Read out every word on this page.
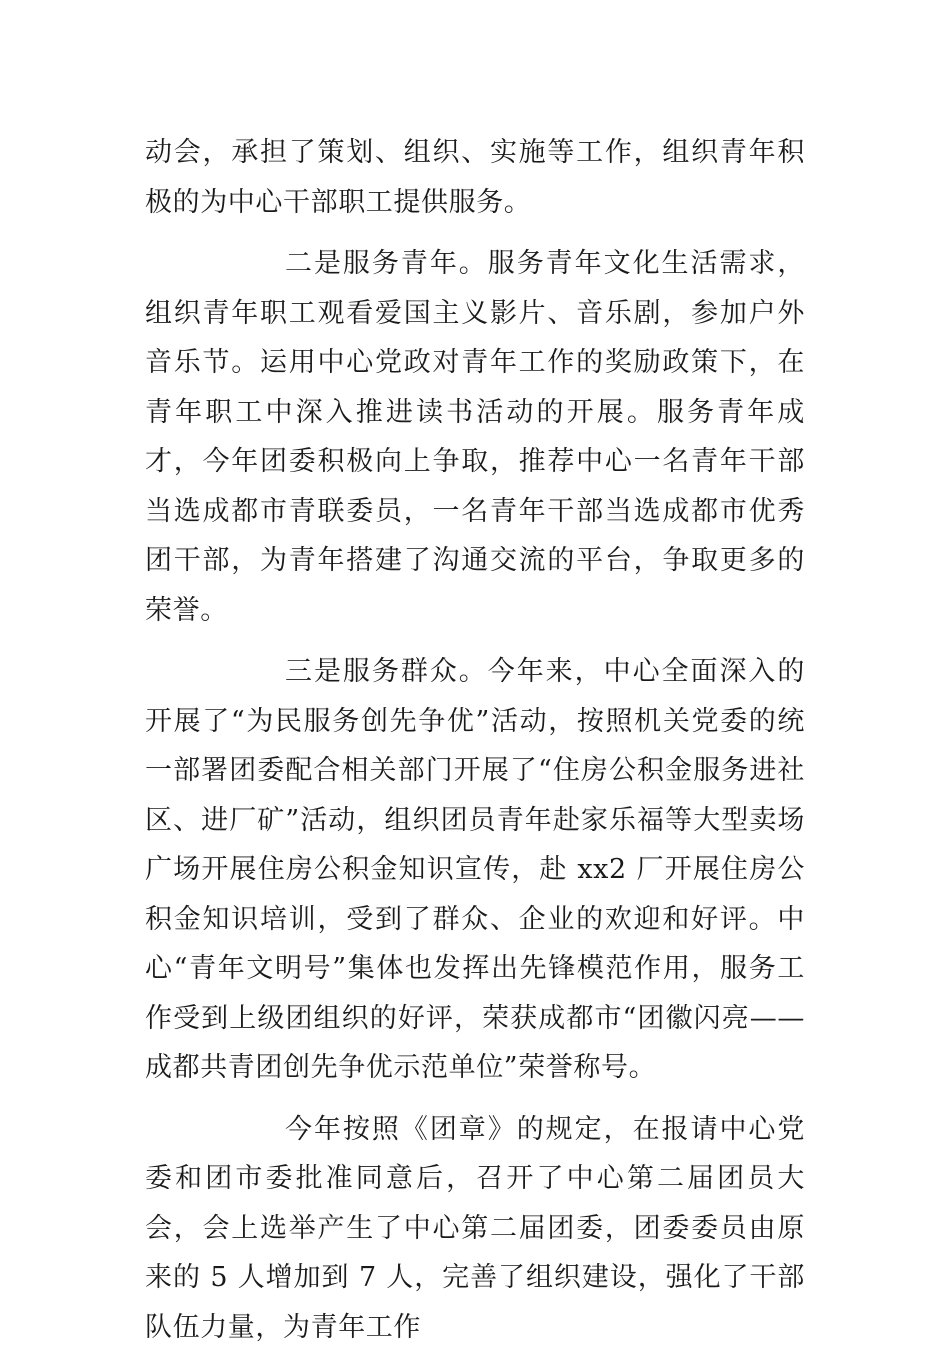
动会，承担了策划、组织、实施等工作，组织青年积极的为中心干部职工提供服务。

二是服务青年。服务青年文化生活需求，组织青年职工观看爱国主义影片、音乐剧，参加户外音乐节。运用中心党政对青年工作的奖励政策下，在青年职工中深入推进读书活动的开展。服务青年成才，今年团委积极向上争取，推荐中心一名青年干部当选成都市青联委员，一名青年干部当选成都市优秀团干部，为青年搭建了沟通交流的平台，争取更多的荣誉。

三是服务群众。今年来，中心全面深入的开展了“为民服务创先争优”活动，按照机关党委的统一部署团委配合相关部门开展了“住房公积金服务进社区、进厂矿”活动，组织团员青年赴家乐福等大型卖场广场开展住房公积金知识宣传，赴 xx2 厂开展住房公积金知识培训，受到了群众、企业的欢迎和好评。中心“青年文明号”集体也发挥出先锋模范作用，服务工作受到上级团组织的好评，荣获成都市“团徽闪亮——成都共青团创先争优示范单位”荣誉称号。

今年按照《团章》的规定，在报请中心党委和团市委批准同意后，召开了中心第二届团员大会，会上选举产生了中心第二届团委，团委委员由原来的 5 人增加到 7 人，完善了组织建设，强化了干部队伍力量，为青年工作
